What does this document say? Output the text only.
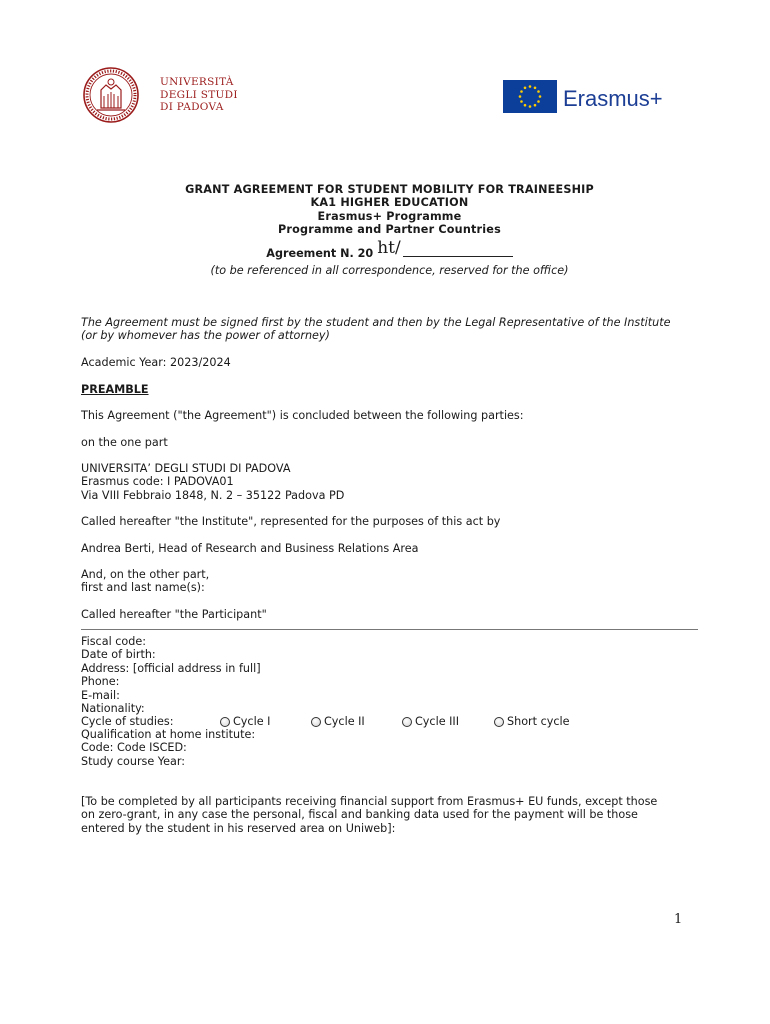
UNIVERSITÀ
DEGLI STUDI
DI PADOVA	Erasmus+
GRANT AGREEMENT FOR STUDENT MOBILITY FOR TRAINEESHIP
KA1 HIGHER EDUCATION
Erasmus+ Programme
Programme and Partner Countries
Agreement N. 20 ht/
(to be referenced in all correspondence, reserved for the office)
The Agreement must be signed first by the student and then by the Legal Representative of the Institute
(or by whomever has the power of attorney)
Academic Year: 2023/2024
PREAMBLE
This Agreement ("the Agreement") is concluded between the following parties:
on the one part
UNIVERSITA’ DEGLI STUDI DI PADOVA
Erasmus code: I PADOVA01
Via VIII Febbraio 1848, N. 2 – 35122 Padova PD
Called hereafter "the Institute", represented for the purposes of this act by
Andrea Berti, Head of Research and Business Relations Area
And, on the other part,
first and last name(s):
Called hereafter "the Participant"
Fiscal code:
Date of birth:
Address: [official address in full]
Phone:
E-mail:
Nationality:
Cycle of studies:	Cycle I	Cycle II	Cycle III	Short cycle
Qualification at home institute:
Code: Code ISCED:
Study course Year:
[To be completed by all participants receiving financial support from Erasmus+ EU funds, except those
on zero-grant, in any case the personal, fiscal and banking data used for the payment will be those
entered by the student in his reserved area on Uniweb]:
1
